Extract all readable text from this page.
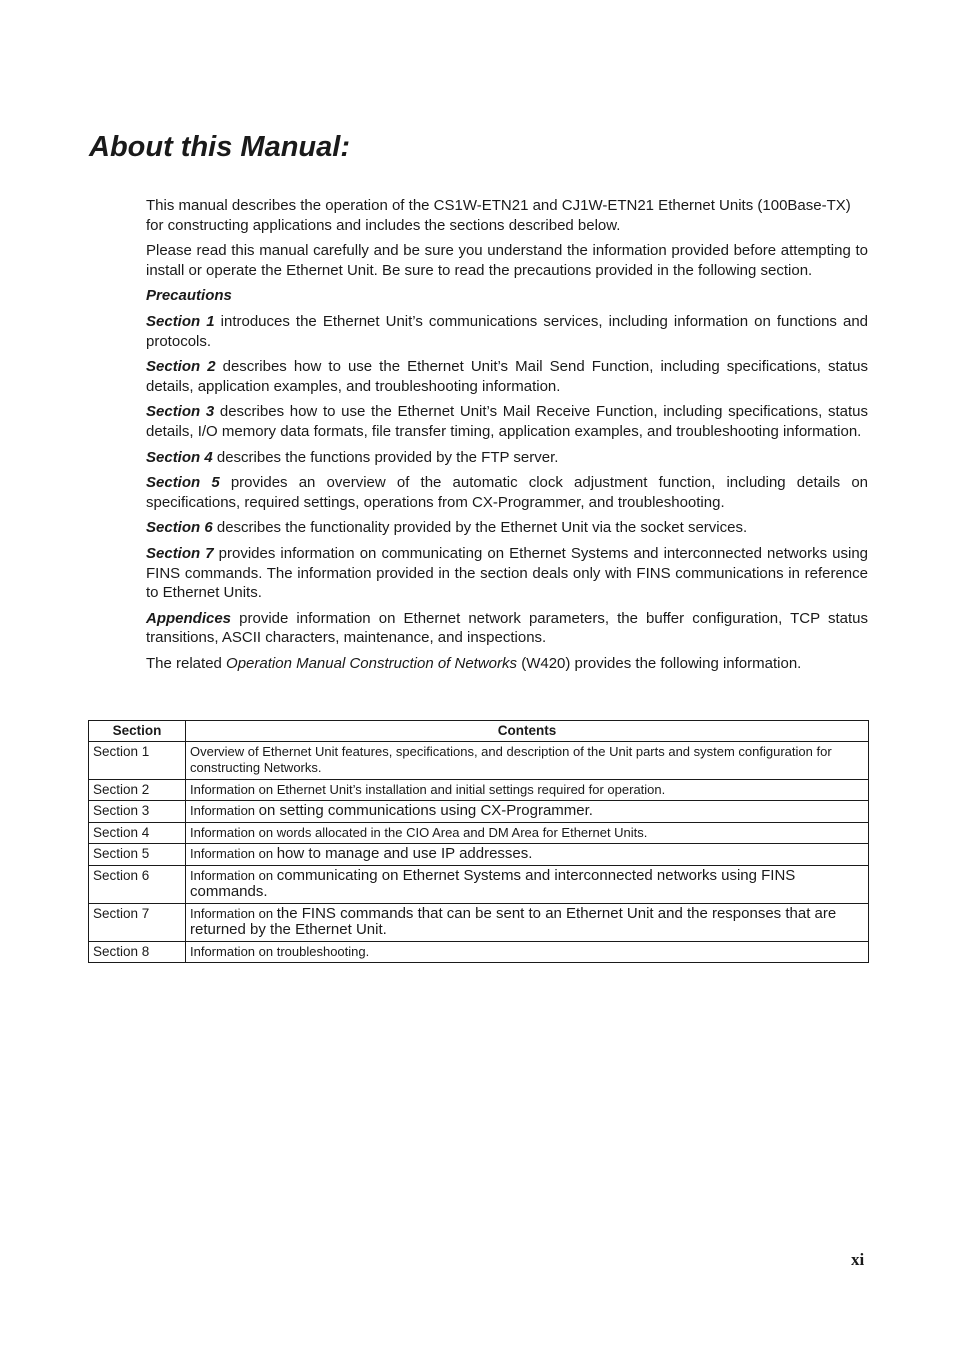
About this Manual:

This manual describes the operation of the CS1W-ETN21 and CJ1W-ETN21 Ethernet Units (100Base-TX) for constructing applications and includes the sections described below.

Please read this manual carefully and be sure you understand the information provided before attempting to install or operate the Ethernet Unit. Be sure to read the precautions provided in the following section.

Precautions

Section 1 introduces the Ethernet Unit’s communications services, including information on functions and protocols.

Section 2 describes how to use the Ethernet Unit’s Mail Send Function, including specifications, status details, application examples, and troubleshooting information.

Section 3 describes how to use the Ethernet Unit’s Mail Receive Function, including specifications, status details, I/O memory data formats, file transfer timing, application examples, and troubleshooting information.

Section 4 describes the functions provided by the FTP server.

Section 5 provides an overview of the automatic clock adjustment function, including details on specifications, required settings, operations from CX-Programmer, and troubleshooting.

Section 6 describes the functionality provided by the Ethernet Unit via the socket services.

Section 7 provides information on communicating on Ethernet Systems and interconnected networks using FINS commands. The information provided in the section deals only with FINS communications in reference to Ethernet Units.

Appendices provide information on Ethernet network parameters, the buffer configuration, TCP status transitions, ASCII characters, maintenance, and inspections.

The related Operation Manual Construction of Networks (W420) provides the following information.

Section	Contents
Section 1	Overview of Ethernet Unit features, specifications, and description of the Unit parts and system configuration for constructing Networks.
Section 2	Information on Ethernet Unit’s installation and initial settings required for operation.
Section 3	Information on setting communications using CX-Programmer.
Section 4	Information on words allocated in the CIO Area and DM Area for Ethernet Units.
Section 5	Information on how to manage and use IP addresses.
Section 6	Information on communicating on Ethernet Systems and interconnected networks using FINS commands.
Section 7	Information on the FINS commands that can be sent to an Ethernet Unit and the responses that are returned by the Ethernet Unit.
Section 8	Information on troubleshooting.
xi
